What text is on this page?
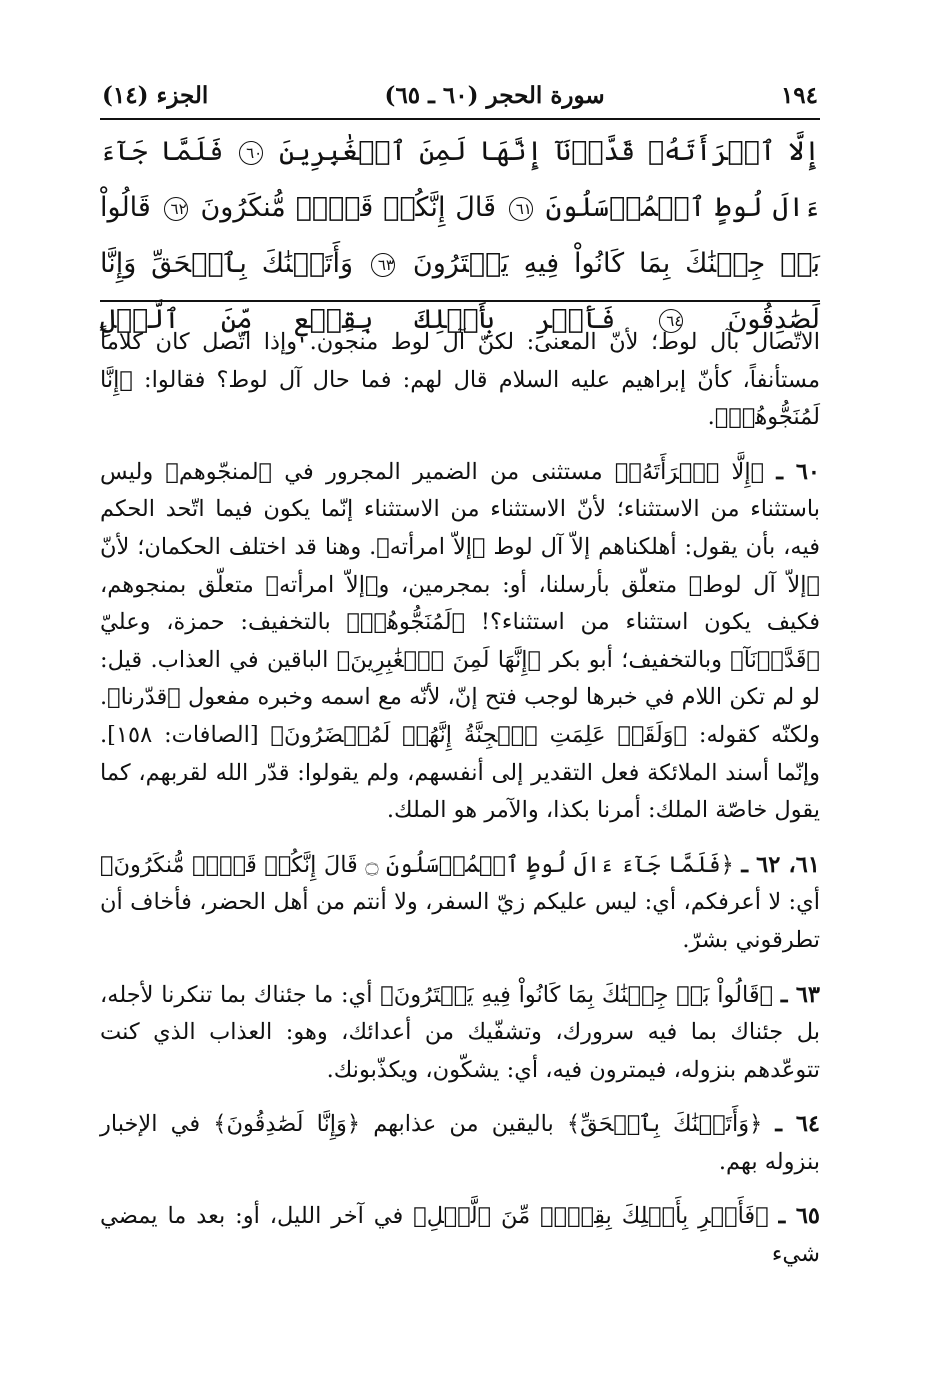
١٩٤
سورة الحجر (٦٠ ـ ٦٥)
الجزء (١٤)
إِلَّا ٱمۡرَأَتَهُۥ قَدَّرۡنَآ إِنَّهَا لَمِنَ ٱلۡغَٰبِرِينَ ٦٠ فَلَمَّا جَآءَ ءَالَ لُوطٍ ٱلۡمُرۡسَلُونَ ٦١ قَالَ إِنَّكُمۡ قَوۡمٞ مُّنكَرُونَ ٦٢ قَالُواْ بَلۡ جِئۡنَٰكَ بِمَا كَانُواْ فِيهِ يَمۡتَرُونَ ٦٣ وَأَتَيۡنَٰكَ بِٱلۡحَقِّ وَإِنَّا لَصَٰدِقُونَ ٦٤ فَأَسۡرِ بِأَهۡلِكَ بِقِطۡعٖ مِّنَ ٱلَّيۡلِ

الاتّصال بآل لوط؛ لأنّ المعنى: لكنّ آل لوط منجون. وإذا اتّصل كان كلاماً مستأنفاً، كأنّ إبراهيم عليه السلام قال لهم: فما حال آل لوط؟ فقالوا: ﴿إِنَّا لَمُنَجُّوهُمۡ﴾.

٦٠ ـ ﴿إِلَّا ٱمۡرَأَتَهُۥ﴾ مستثنى من الضمير المجرور في ﴿لمنجّوهم﴾ وليس باستثناء من الاستثناء؛ لأنّ الاستثناء من الاستثناء إنّما يكون فيما اتّحد الحكم فيه، بأن يقول: أهلكناهم إلاّ آل لوط ﴿إلاّ امرأته﴾. وهنا قد اختلف الحكمان؛ لأنّ ﴿إلاّ آل لوط﴾ متعلّق بأرسلنا، أو: بمجرمين، و﴿إلاّ امرأته﴾ متعلّق بمنجوهم، فكيف يكون استثناء من استثناء؟! ﴿لَمُنَجُّوهُمۡ﴾ بالتخفيف: حمزة، وعليّ ﴿قَدَّرۡنَآ﴾ وبالتخفيف؛ أبو بكر ﴿إِنَّهَا لَمِنَ ٱلۡغَٰبِرِينَ﴾ الباقين في العذاب. قيل: لو لم تكن اللام في خبرها لوجب فتح إنّ، لأنّه مع اسمه وخبره مفعول ﴿قدّرنا﴾. ولكنّه كقوله: ﴿وَلَقَدۡ عَلِمَتِ ٱلۡجِنَّةُ إِنَّهُمۡ لَمُحۡضَرُونَ﴾ [الصافات: ١٥٨]. وإنّما أسند الملائكة فعل التقدير إلى أنفسهم، ولم يقولوا: قدّر الله لقربهم، كما يقول خاصّة الملك: أمرنا بكذا، والآمر هو الملك.

٦١، ٦٢ ـ ﴿فَلَمَّا جَآءَ ءَالَ لُوطٍ ٱلۡمُرۡسَلُونَ ۝ قَالَ إِنَّكُمۡ قَوۡمٞ مُّنكَرُونَ﴾ أي: لا أعرفكم، أي: ليس عليكم زيّ السفر، ولا أنتم من أهل الحضر، فأخاف أن تطرقوني بشرّ.

٦٣ ـ ﴿قَالُواْ بَلۡ جِئۡنَٰكَ بِمَا كَانُواْ فِيهِ يَمۡتَرُونَ﴾ أي: ما جئناك بما تنكرنا لأجله، بل جئناك بما فيه سرورك، وتشفّيك من أعدائك، وهو: العذاب الذي كنت تتوعّدهم بنزوله، فيمترون فيه، أي: يشكّون، ويكذّبونك.

٦٤ ـ ﴿وَأَتَيۡنَٰكَ بِٱلۡحَقِّ﴾ باليقين من عذابهم ﴿وَإِنَّا لَصَٰدِقُونَ﴾ في الإخبار بنزوله بهم.

٦٥ ـ ﴿فَأَسۡرِ بِأَهۡلِكَ بِقِطۡعٖ مِّنَ ٱلَّيۡلِ﴾ في آخر الليل، أو: بعد ما يمضي شيء
